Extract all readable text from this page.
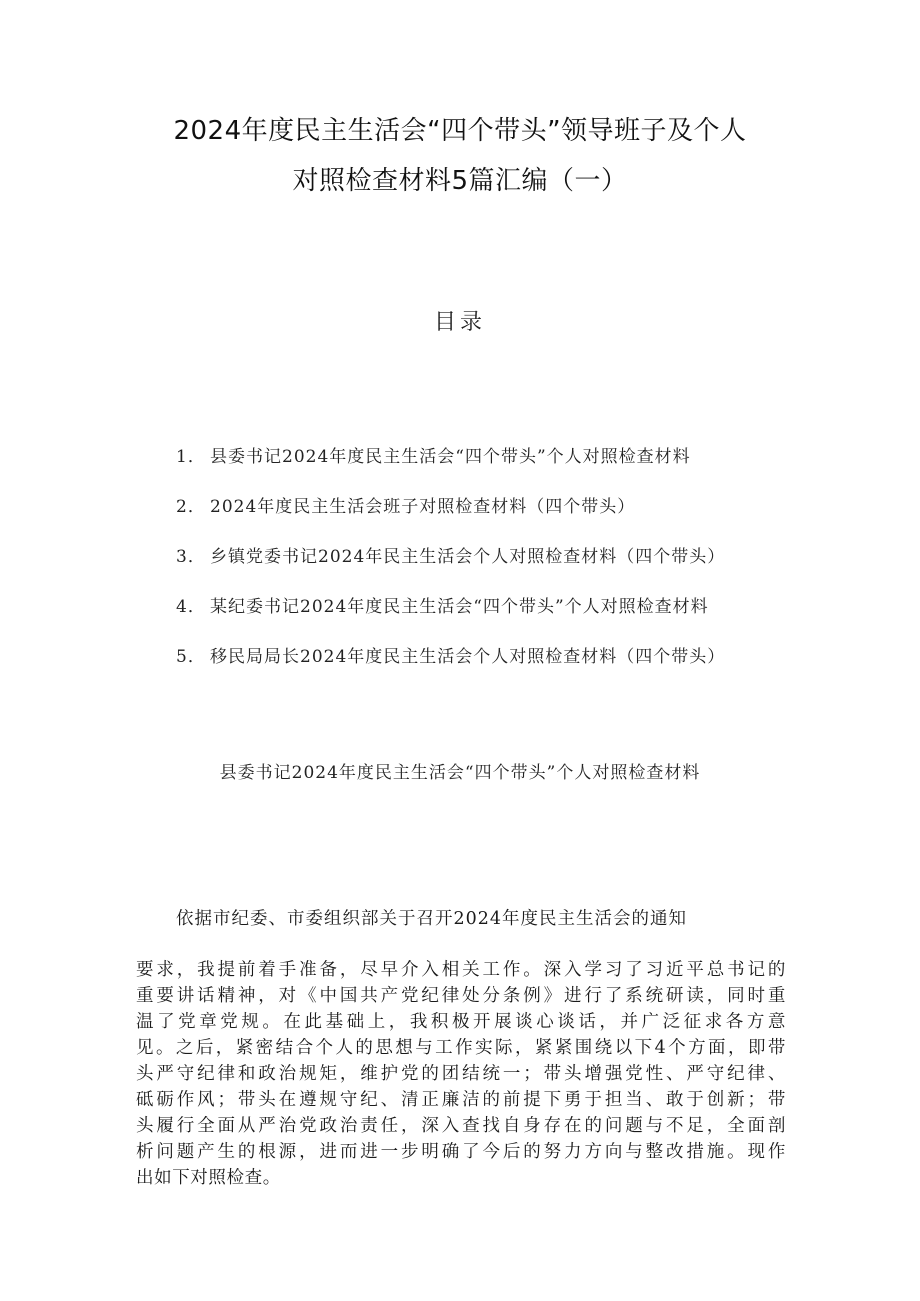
2024年度民主生活会“四个带头”领导班子及个人
对照检查材料5篇汇编（一）
目录
1． 县委书记2024年度民主生活会“四个带头”个人对照检查材料
2． 2024年度民主生活会班子对照检查材料（四个带头）
3． 乡镇党委书记2024年民主生活会个人对照检查材料（四个带头）
4． 某纪委书记2024年度民主生活会“四个带头”个人对照检查材料
5． 移民局局长2024年度民主生活会个人对照检查材料（四个带头）
县委书记2024年度民主生活会“四个带头”个人对照检查材料
依据市纪委、市委组织部关于召开2024年度民主生活会的通知
要求，我提前着手准备，尽早介入相关工作。深入学习了习近平总书记的
重要讲话精神，对《中国共产党纪律处分条例》进行了系统研读，同时重
温了党章党规。在此基础上，我积极开展谈心谈话，并广泛征求各方意
见。之后，紧密结合个人的思想与工作实际，紧紧围绕以下4个方面，即带
头严守纪律和政治规矩，维护党的团结统一；带头增强党性、严守纪律、
砥砺作风；带头在遵规守纪、清正廉洁的前提下勇于担当、敢于创新；带
头履行全面从严治党政治责任，深入查找自身存在的问题与不足，全面剖
析问题产生的根源，进而进一步明确了今后的努力方向与整改措施。现作
出如下对照检查。
